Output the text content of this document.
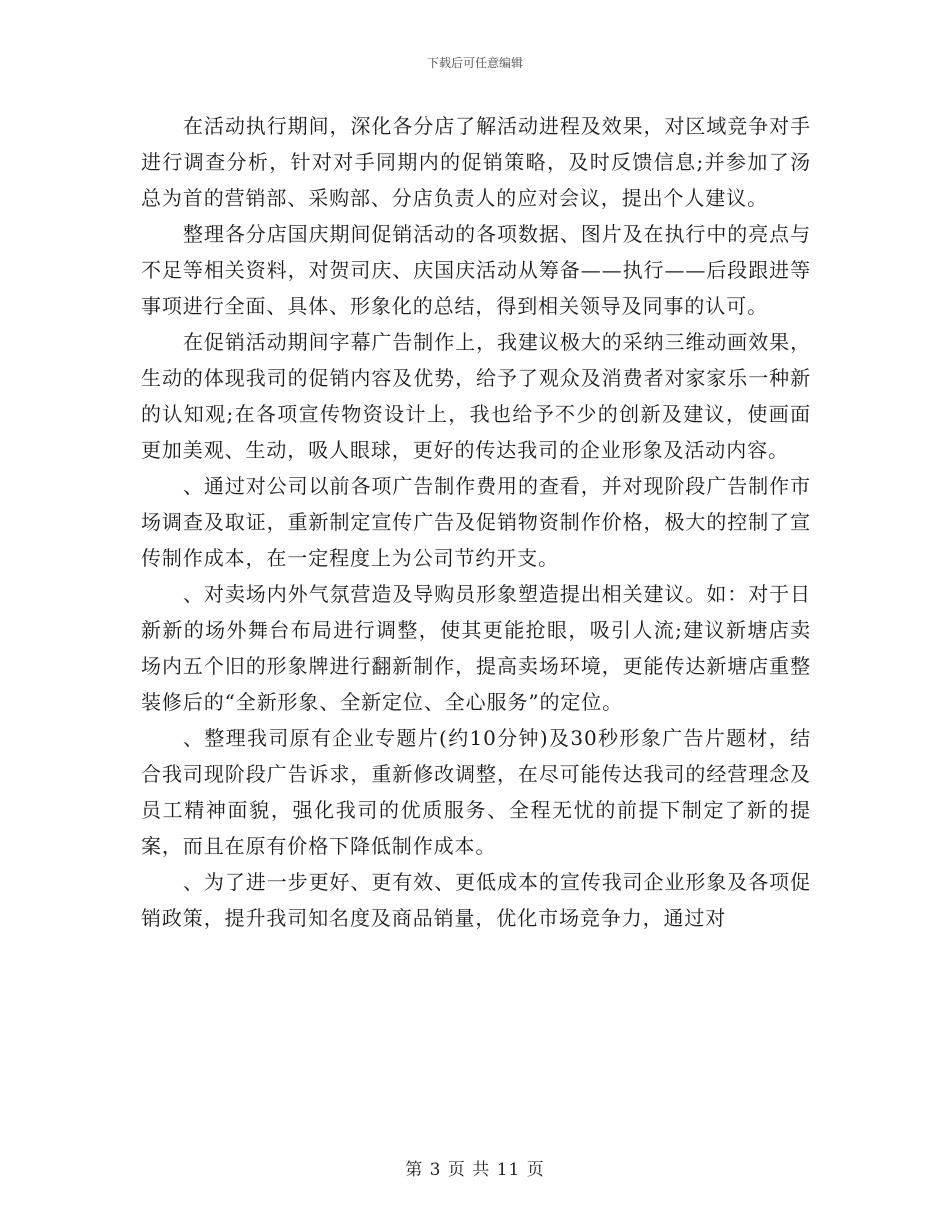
下载后可任意编辑

在活动执行期间，深化各分店了解活动进程及效果，对区域竞争对手进行调查分析，针对对手同期内的促销策略，及时反馈信息;并参加了汤总为首的营销部、采购部、分店负责人的应对会议，提出个人建议。

整理各分店国庆期间促销活动的各项数据、图片及在执行中的亮点与不足等相关资料，对贺司庆、庆国庆活动从筹备——执行——后段跟进等事项进行全面、具体、形象化的总结，得到相关领导及同事的认可。

在促销活动期间字幕广告制作上，我建议极大的采纳三维动画效果，生动的体现我司的促销内容及优势，给予了观众及消费者对家家乐一种新的认知观;在各项宣传物资设计上，我也给予不少的创新及建议，使画面更加美观、生动，吸人眼球，更好的传达我司的企业形象及活动内容。

、通过对公司以前各项广告制作费用的查看，并对现阶段广告制作市场调查及取证，重新制定宣传广告及促销物资制作价格，极大的控制了宣传制作成本，在一定程度上为公司节约开支。

、对卖场内外气氛营造及导购员形象塑造提出相关建议。如：对于日新新的场外舞台布局进行调整，使其更能抢眼，吸引人流;建议新塘店卖场内五个旧的形象牌进行翻新制作，提高卖场环境，更能传达新塘店重整装修后的“全新形象、全新定位、全心服务”的定位。

、整理我司原有企业专题片(约10分钟)及30秒形象广告片题材，结合我司现阶段广告诉求，重新修改调整，在尽可能传达我司的经营理念及员工精神面貌，强化我司的优质服务、全程无忧的前提下制定了新的提案，而且在原有价格下降低制作成本。

、为了进一步更好、更有效、更低成本的宣传我司企业形象及各项促销政策，提升我司知名度及商品销量，优化市场竞争力，通过对

第 3 页 共 11 页
